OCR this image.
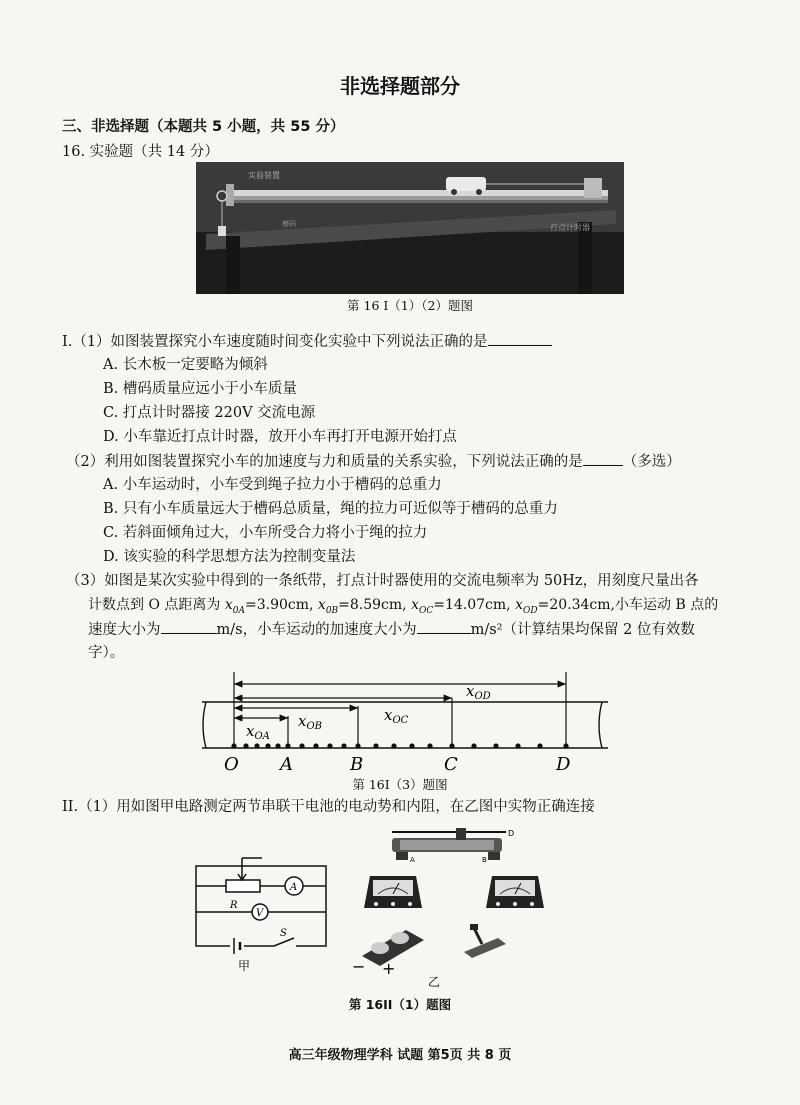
非选择题部分
三、非选择题（本题共 5 小题，共 55 分）
16. 实验题（共 14 分）
实验装置
槽码	打点计时器
第 16 I（1）（2）题图
I.（1）如图装置探究小车速度随时间变化实验中下列说法正确的是
A. 长木板一定要略为倾斜
B. 槽码质量应远小于小车质量
C. 打点计时器接 220V 交流电源
D. 小车靠近打点计时器，放开小车再打开电源开始打点
（2）利用如图装置探究小车的加速度与力和质量的关系实验，下列说法正确的是	（多选）
A. 小车运动时，小车受到绳子拉力小于槽码的总重力
B. 只有小车质量远大于槽码总质量，绳的拉力可近似等于槽码的总重力
C. 若斜面倾角过大，小车所受合力将小于绳的拉力
D. 该实验的科学思想方法为控制变量法
（3）如图是某次实验中得到的一条纸带，打点计时器使用的交流电频率为 50Hz，用刻度尺量出各
计数点到 O 点距离为 $x_{0A}=3.90cm$, $x_{0B}=8.59cm$, $x_{OC}=14.07cm$, $x_{OD}=20.34cm$,小车运动 B 点的
速度大小为	m/s，小车运动的加速度大小为	m/s²（计算结果均保留 2 位有效数
字）。
$x_{OD}$
$x_{OC}$
$x_{OB}$
$x_{OA}$
O A	B	C	D
第 16I（3）题图
II.（1）用如图甲电路测定两节串联干电池的电动势和内阻，在乙图中实物正确连接
A
V
R
S
甲
D
A	B
− +
乙
第 16II（1）题图
高三年级物理学科 试题 第5页 共 8 页
